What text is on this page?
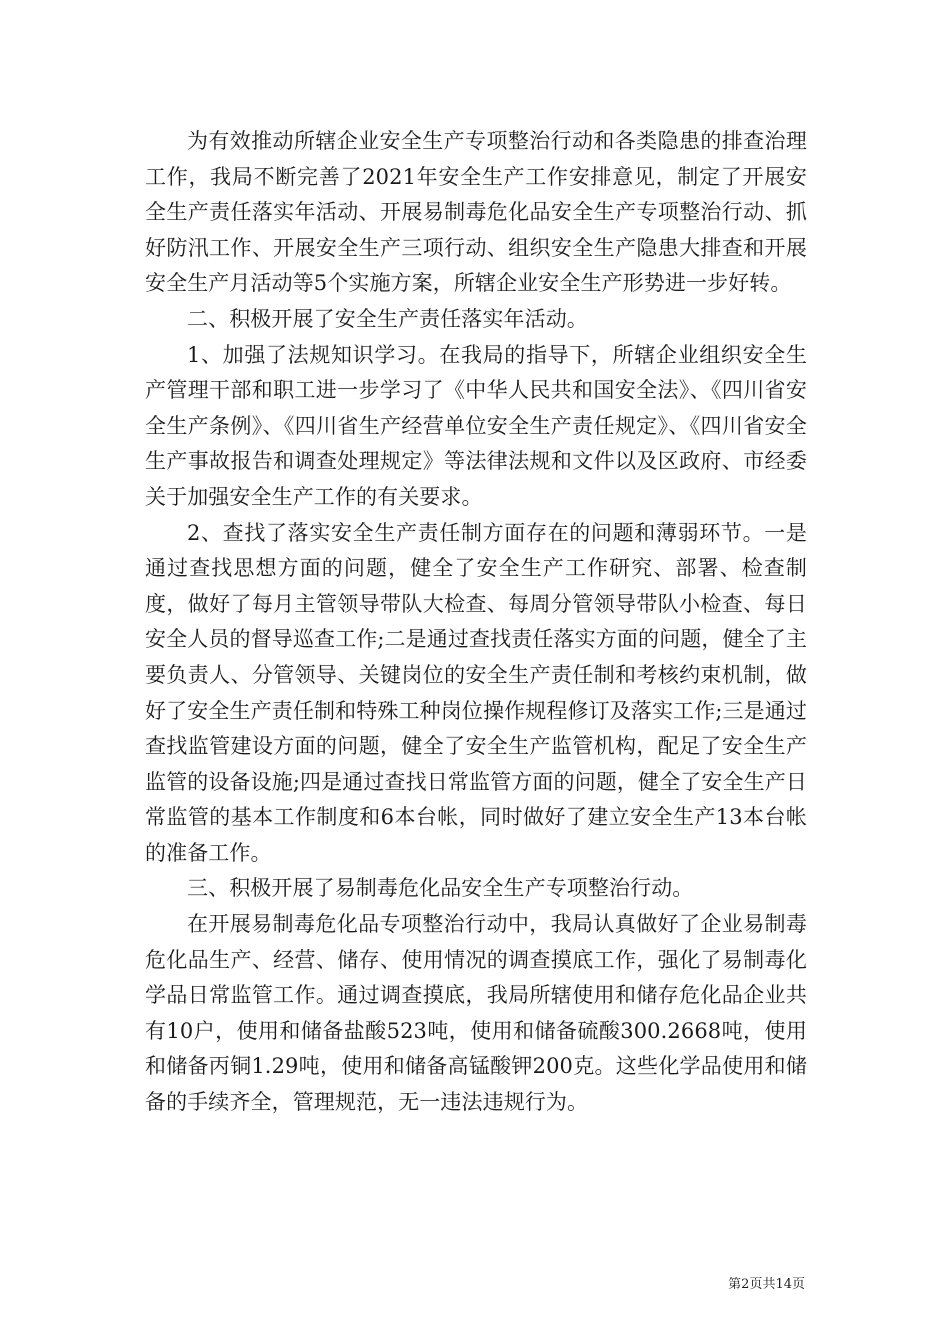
为有效推动所辖企业安全生产专项整治行动和各类隐患的排查治理工作，我局不断完善了2021年安全生产工作安排意见，制定了开展安全生产责任落实年活动、开展易制毒危化品安全生产专项整治行动、抓好防汛工作、开展安全生产三项行动、组织安全生产隐患大排查和开展安全生产月活动等5个实施方案，所辖企业安全生产形势进一步好转。

二、积极开展了安全生产责任落实年活动。

1、加强了法规知识学习。在我局的指导下，所辖企业组织安全生产管理干部和职工进一步学习了《中华人民共和国安全法》、《四川省安全生产条例》、《四川省生产经营单位安全生产责任规定》、《四川省安全生产事故报告和调查处理规定》等法律法规和文件以及区政府、市经委关于加强安全生产工作的有关要求。

2、查找了落实安全生产责任制方面存在的问题和薄弱环节。一是通过查找思想方面的问题，健全了安全生产工作研究、部署、检查制度，做好了每月主管领导带队大检查、每周分管领导带队小检查、每日安全人员的督导巡查工作;二是通过查找责任落实方面的问题，健全了主要负责人、分管领导、关键岗位的安全生产责任制和考核约束机制，做好了安全生产责任制和特殊工种岗位操作规程修订及落实工作;三是通过查找监管建设方面的问题，健全了安全生产监管机构，配足了安全生产监管的设备设施;四是通过查找日常监管方面的问题，健全了安全生产日常监管的基本工作制度和6本台帐，同时做好了建立安全生产13本台帐的准备工作。

三、积极开展了易制毒危化品安全生产专项整治行动。

在开展易制毒危化品专项整治行动中，我局认真做好了企业易制毒危化品生产、经营、储存、使用情况的调查摸底工作，强化了易制毒化学品日常监管工作。通过调查摸底，我局所辖使用和储存危化品企业共有10户，使用和储备盐酸523吨，使用和储备硫酸300.2668吨，使用和储备丙铜1.29吨，使用和储备高锰酸钾200克。这些化学品使用和储备的手续齐全，管理规范，无一违法违规行为。

第2页共14页
